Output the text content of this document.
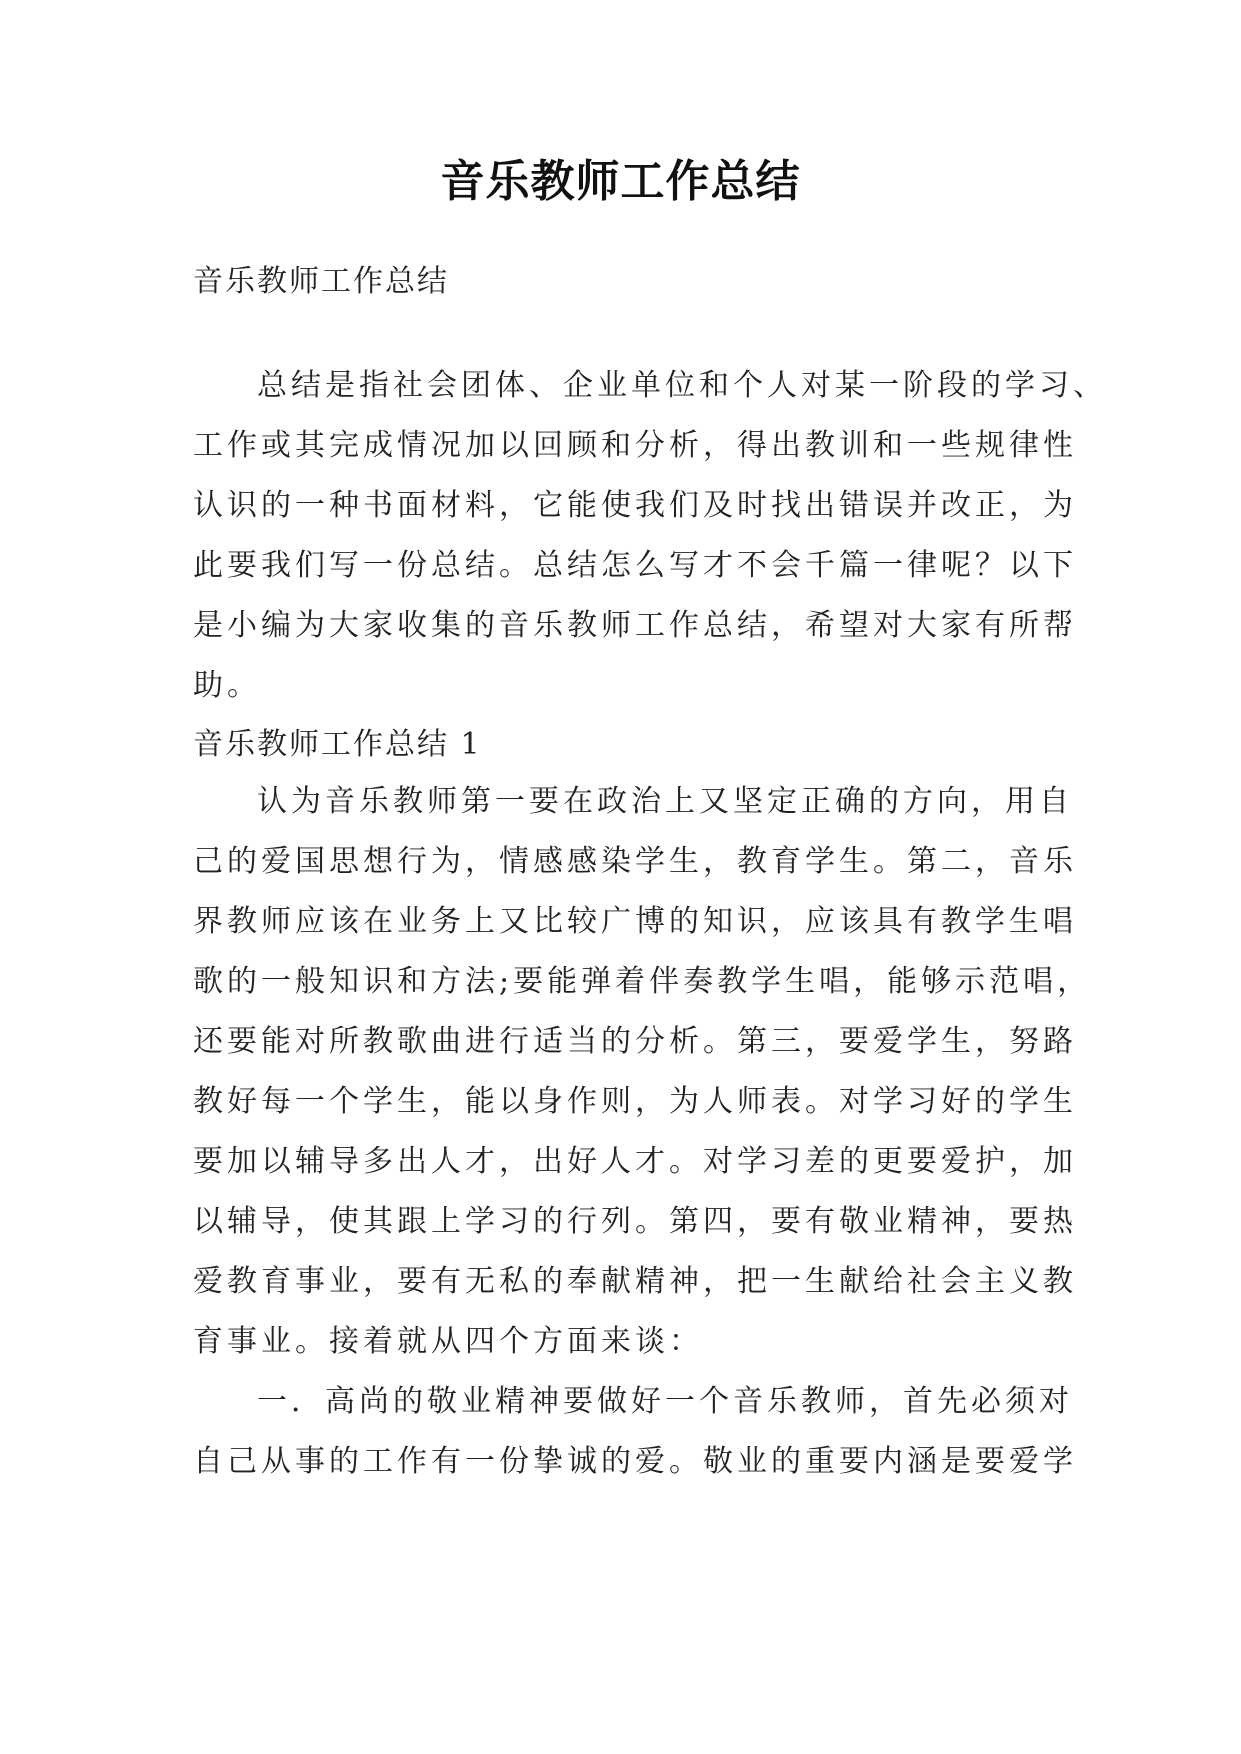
音乐教师工作总结

音乐教师工作总结

总结是指社会团体、企业单位和个人对某一阶段的学习、
工作或其完成情况加以回顾和分析，得出教训和一些规律性
认识的一种书面材料，它能使我们及时找出错误并改正，为
此要我们写一份总结。总结怎么写才不会千篇一律呢？以下
是小编为大家收集的音乐教师工作总结，希望对大家有所帮
助。

音乐教师工作总结 1

认为音乐教师第一要在政治上又坚定正确的方向，用自
己的爱国思想行为，情感感染学生，教育学生。第二，音乐
界教师应该在业务上又比较广博的知识，应该具有教学生唱
歌的一般知识和方法;要能弹着伴奏教学生唱，能够示范唱，
还要能对所教歌曲进行适当的分析。第三，要爱学生，努路
教好每一个学生，能以身作则，为人师表。对学习好的学生
要加以辅导多出人才，出好人才。对学习差的更要爱护，加
以辅导，使其跟上学习的行列。第四，要有敬业精神，要热
爱教育事业，要有无私的奉献精神，把一生献给社会主义教
育事业。接着就从四个方面来谈：
一．高尚的敬业精神要做好一个音乐教师，首先必须对
自己从事的工作有一份挚诚的爱。敬业的重要内涵是要爱学
